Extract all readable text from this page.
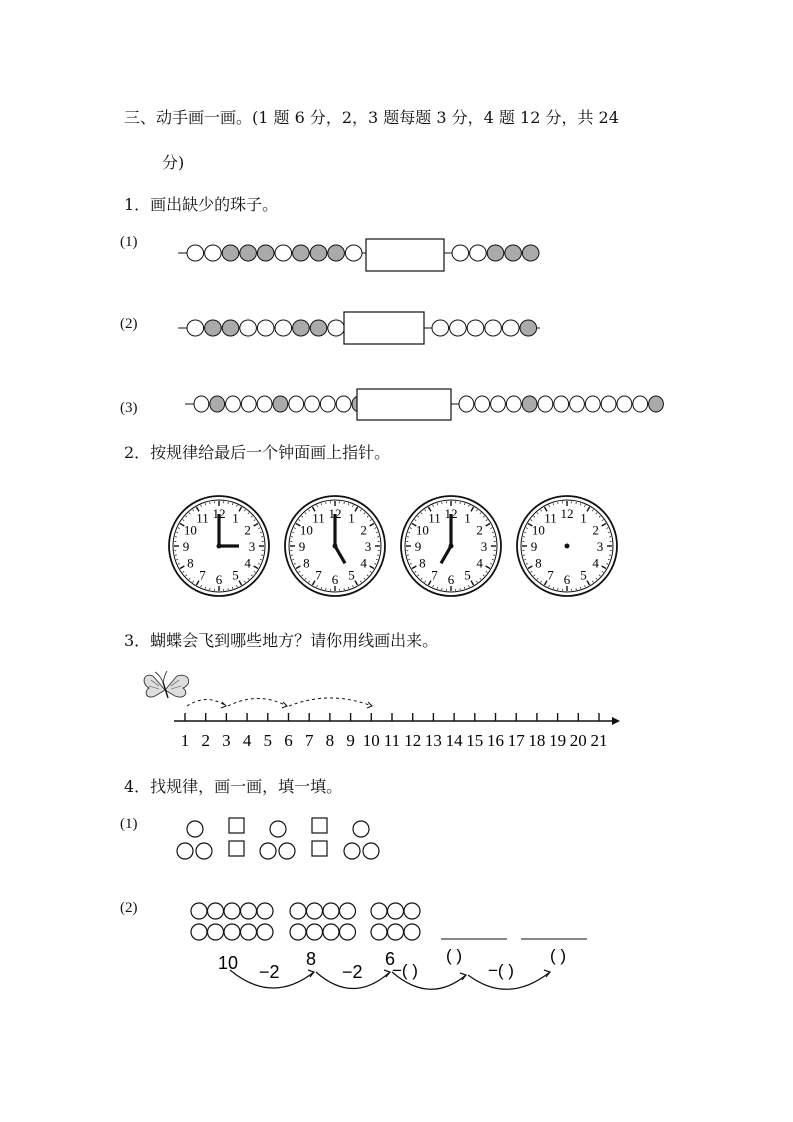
三、动手画一画。(1 题 6 分，2，3 题每题 3 分，4 题 12 分，共 24
分)
1．画出缺少的珠子。
(1)
(2)
(3)
2．按规律给最后一个钟面画上指针。
12 1
2
3
4
5
6
7
8
9
10
11	12 1
2
3
4
5
6
7
8
9
10
11	12 1
2
3
4
5
6
7
8
9
10
11	12 1
2
3
4
5
6
7
8
9
10
11
3．蝴蝶会飞到哪些地方？请你用线画出来。
1 2 3 4 5 6 7 8 9 10 11 12 13 14 15 16 17 18 19 20 21
4．找规律，画一画，填一填。
(1)
(2)
10	8	6	( )	( )
−2	−2 −( )	−( )
